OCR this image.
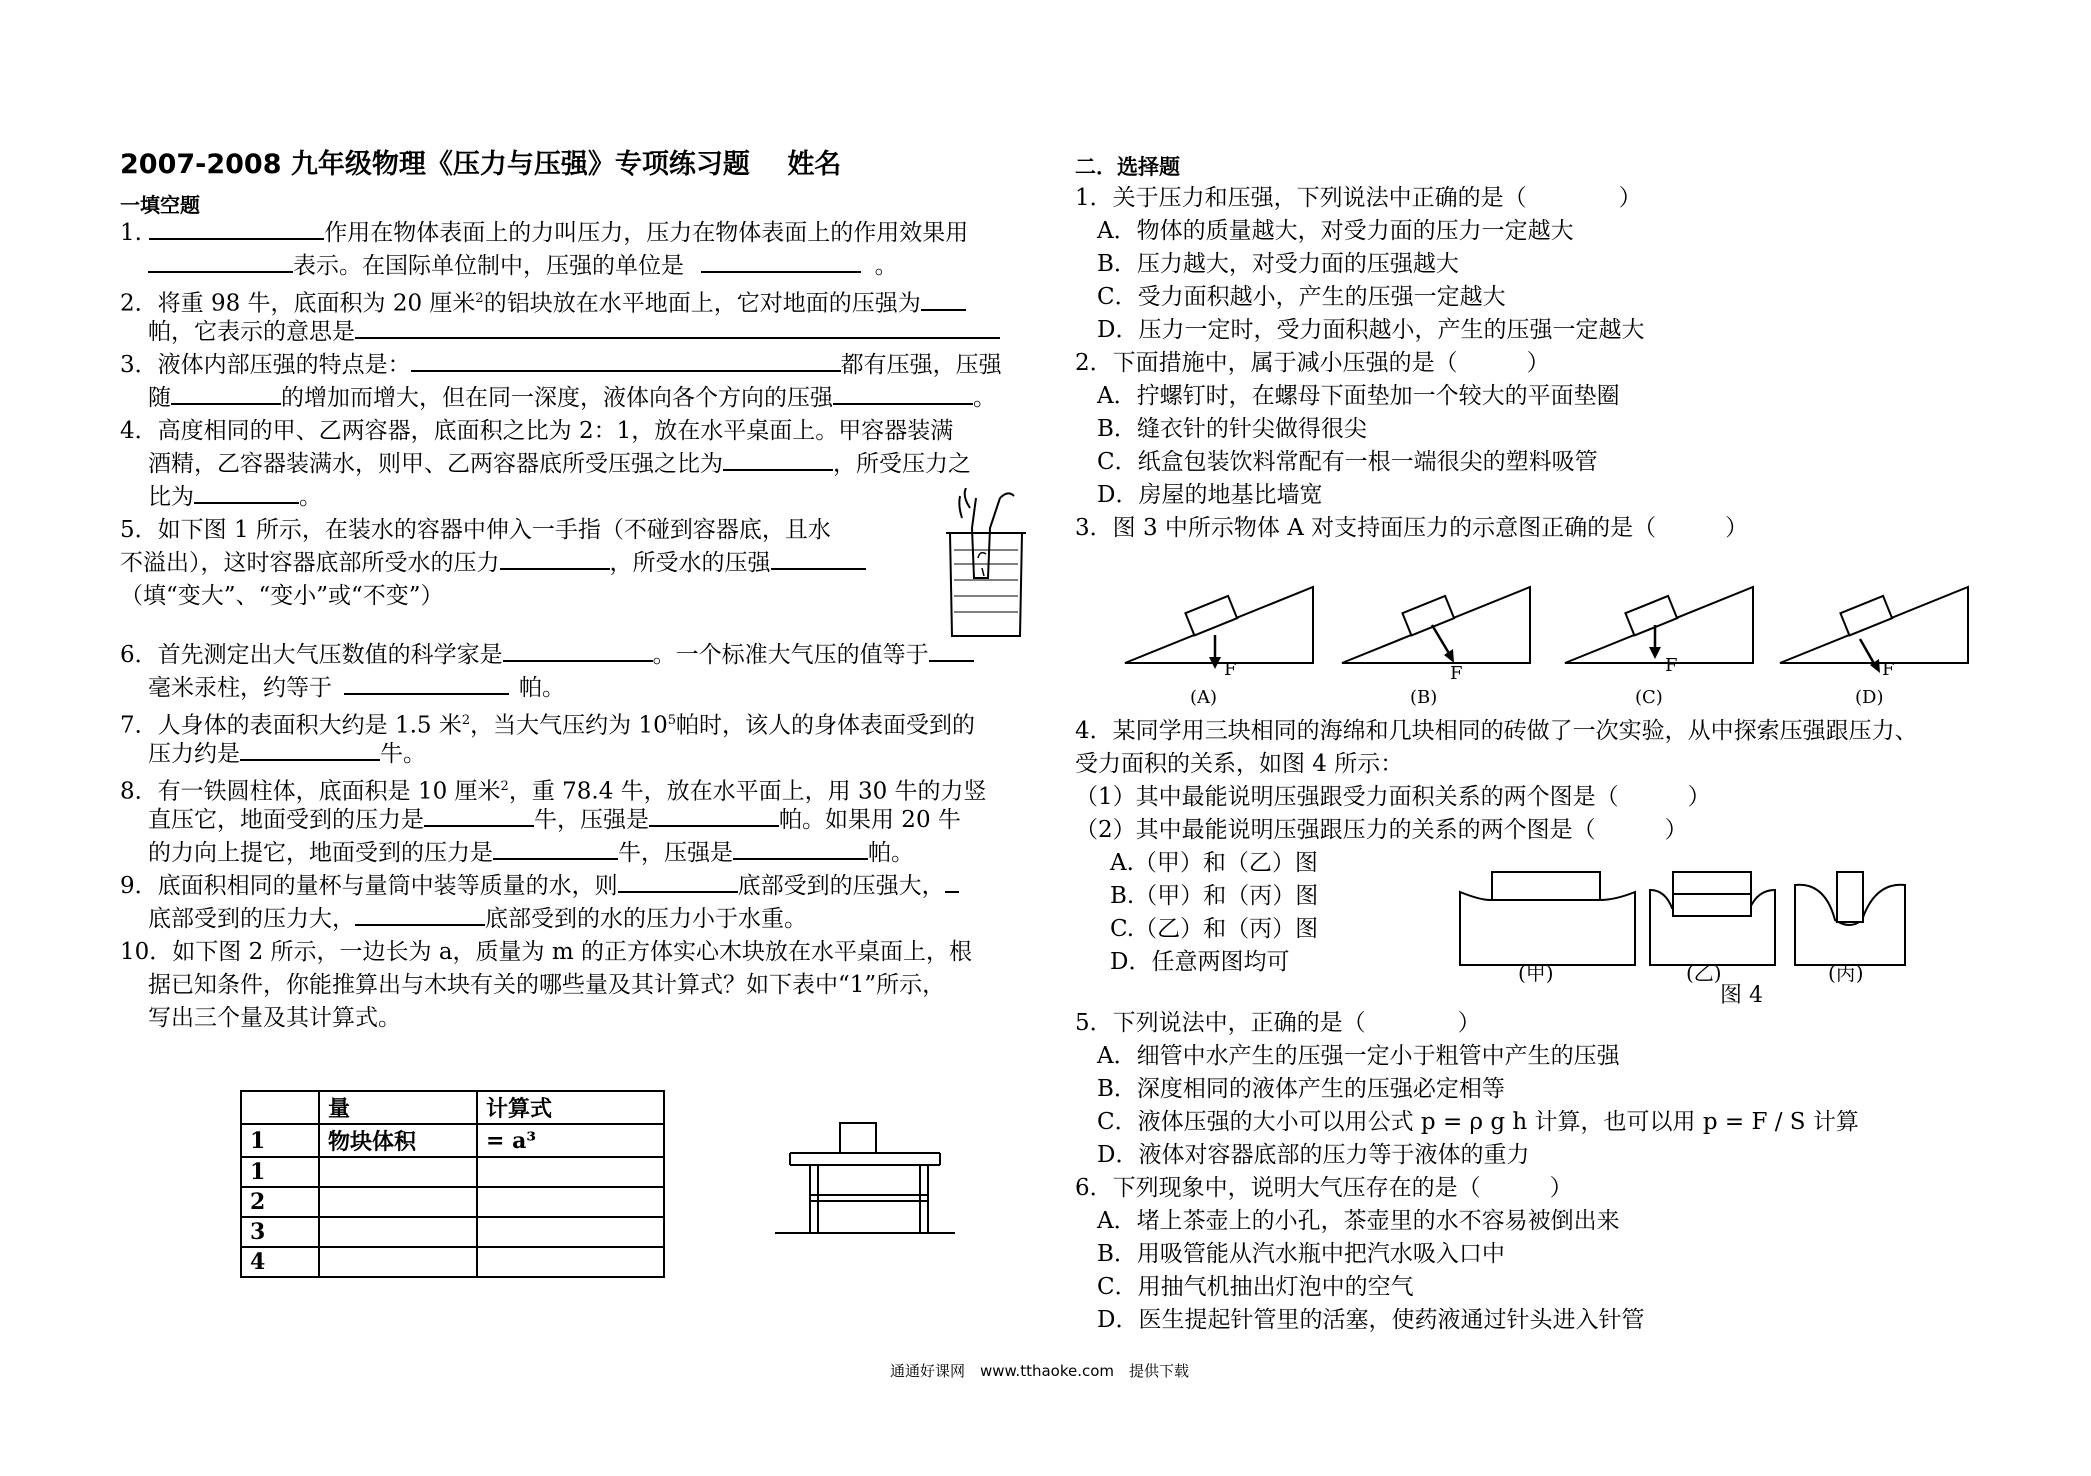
2007-2008 九年级物理《压力与压强》专项练习题 姓名
一填空题
1.	作用在物体表面上的力叫压力，压力在物体表面上的作用效果用
表示。在国际单位制中，压强的单位是	。
2．将重 98 牛，底面积为 20 厘米$^2$的铝块放在水平地面上，它对地面的压强为
帕，它表示的意思是
3．液体内部压强的特点是：	都有压强，压强
随	的增加而增大，但在同一深度，液体向各个方向的压强	。
4．高度相同的甲、乙两容器，底面积之比为 2：1，放在水平桌面上。甲容器装满
酒精，乙容器装满水，则甲、乙两容器底所受压强之比为	，所受压力之
比为	。
5．如下图 1 所示，在装水的容器中伸入一手指（不碰到容器底，且水
不溢出），这时容器底部所受水的压力	，所受水的压强
（填“变大”、“变小”或“不变”）
6．首先测定出大气压数值的科学家是	。一个标准大气压的值等于
毫米汞柱，约等于	帕。
7．人身体的表面积大约是 1.5 米$^2$，当大气压约为 $10^5$帕时，该人的身体表面受到的
压力约是	牛。
8．有一铁圆柱体，底面积是 10 厘米$^2$，重 78.4 牛，放在水平面上，用 30 牛的力竖
直压它，地面受到的压力是	牛，压强是	帕。如果用 20 牛
的力向上提它，地面受到的压力是	牛，压强是	帕。
9．底面积相同的量杯与量筒中装等质量的水，则	底部受到的压强大，
底部受到的压力大，	底部受到的水的压力小于水重。
10．如下图 2 所示，一边长为 a，质量为 m 的正方体实心木块放在水平桌面上，根
据已知条件，你能推算出与木块有关的哪些量及其计算式？如下表中“1”所示，
写出三个量及其计算式。
	量	计算式
1	物块体积	= a³
1		
2		
3		
4		
二．选择题
1．关于压力和压强，下列说法中正确的是（　　　　）
A．物体的质量越大，对受力面的压力一定越大
B．压力越大，对受力面的压强越大
C．受力面积越小，产生的压强一定越大
D．压力一定时，受力面积越小，产生的压强一定越大
2．下面措施中，属于减小压强的是（　　　）
A．拧螺钉时，在螺母下面垫加一个较大的平面垫圈
B．缝衣针的针尖做得很尖
C．纸盒包装饮料常配有一根一端很尖的塑料吸管
D．房屋的地基比墙宽
3．图 3 中所示物体 A 对支持面压力的示意图正确的是（　　　）
F
(A)
F
(B)
F
(C)
F
(D)
4．某同学用三块相同的海绵和几块相同的砖做了一次实验，从中探索压强跟压力、
受力面积的关系，如图 4 所示：
（1）其中最能说明压强跟受力面积关系的两个图是（　　　）
（2）其中最能说明压强跟压力的关系的两个图是（　　　）
A.（甲）和（乙）图
B.（甲）和（丙）图
C.（乙）和（丙）图
D．任意两图均可	(甲)	(乙)	(丙)
图 4
5．下列说法中，正确的是（　　　　）
A．细管中水产生的压强一定小于粗管中产生的压强
B．深度相同的液体产生的压强必定相等
C．液体压强的大小可以用公式 p = ρ g h 计算，也可以用 p = F / S 计算
D．液体对容器底部的压力等于液体的重力
6．下列现象中，说明大气压存在的是（　　　）
A．堵上茶壶上的小孔，茶壶里的水不容易被倒出来
B．用吸管能从汽水瓶中把汽水吸入口中
C．用抽气机抽出灯泡中的空气
D．医生提起针管里的活塞，使药液通过针头进入针管
通通好课网　www.tthaoke.com　提供下载
